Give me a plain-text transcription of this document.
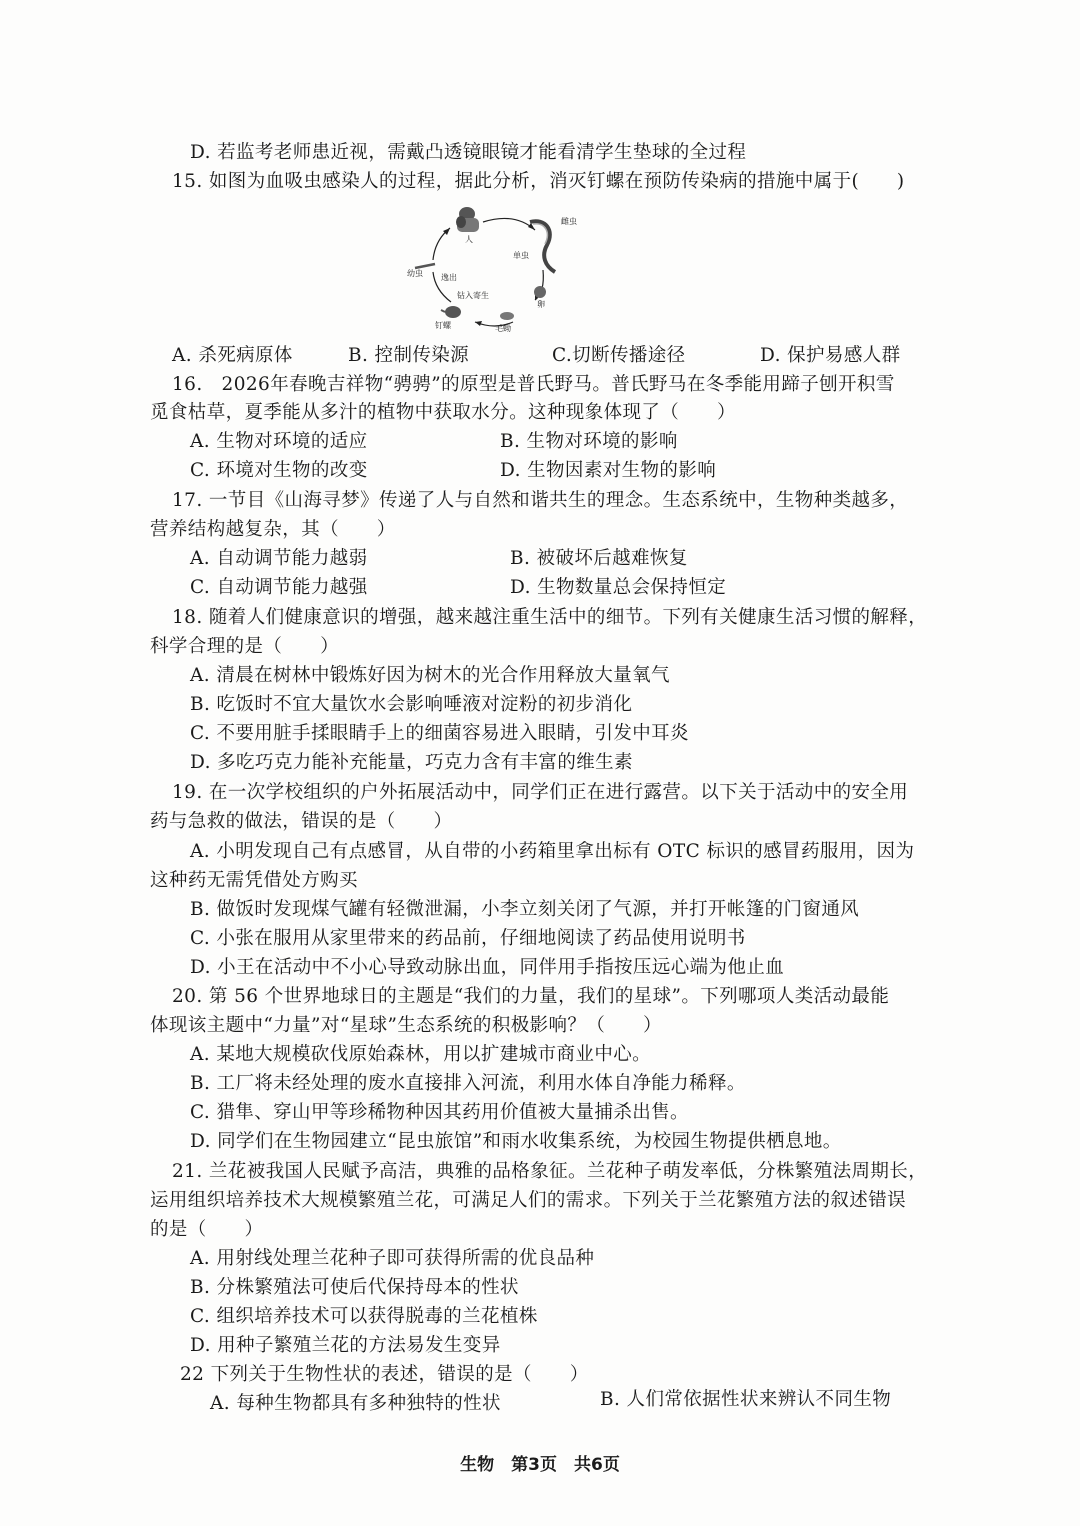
D. 若监考老师患近视，需戴凸透镜眼镜才能看清学生垫球的全过程
15. 如图为血吸虫感染人的过程，据此分析，消灭钉螺在预防传染病的措施中属于(　　)
人
雌虫
单虫
卵
毛蚴
钻入寄生
钉螺
逸出
幼虫
A. 杀死病原体	B. 控制传染源	C.切断传播途径	D. 保护易感人群
16.　2026年春晚吉祥物“骋骋”的原型是普氏野马。普氏野马在冬季能用蹄子刨开积雪
觅食枯草，夏季能从多汁的植物中获取水分。这种现象体现了（　　）
A. 生物对环境的适应	B. 生物对环境的影响
C. 环境对生物的改变	D. 生物因素对生物的影响
17. 一节目《山海寻梦》传递了人与自然和谐共生的理念。生态系统中，生物种类越多，
营养结构越复杂，其（　　）
A. 自动调节能力越弱	B. 被破坏后越难恢复
C. 自动调节能力越强	D. 生物数量总会保持恒定
18. 随着人们健康意识的增强，越来越注重生活中的细节。下列有关健康生活习惯的解释，
科学合理的是（　　）
A. 清晨在树林中锻炼好因为树木的光合作用释放大量氧气
B. 吃饭时不宜大量饮水会影响唾液对淀粉的初步消化
C. 不要用脏手揉眼睛手上的细菌容易进入眼睛，引发中耳炎
D. 多吃巧克力能补充能量，巧克力含有丰富的维生素
19. 在一次学校组织的户外拓展活动中，同学们正在进行露营。以下关于活动中的安全用
药与急救的做法，错误的是（　　）
A. 小明发现自己有点感冒，从自带的小药箱里拿出标有 OTC 标识的感冒药服用，因为
这种药无需凭借处方购买
B. 做饭时发现煤气罐有轻微泄漏，小李立刻关闭了气源，并打开帐篷的门窗通风
C. 小张在服用从家里带来的药品前，仔细地阅读了药品使用说明书
D. 小王在活动中不小心导致动脉出血，同伴用手指按压远心端为他止血
20. 第 56 个世界地球日的主题是“我们的力量，我们的星球”。下列哪项人类活动最能
体现该主题中“力量”对“星球”生态系统的积极影响？（　　）
A. 某地大规模砍伐原始森林，用以扩建城市商业中心。
B. 工厂将未经处理的废水直接排入河流，利用水体自净能力稀释。
C. 猎隼、穿山甲等珍稀物种因其药用价值被大量捕杀出售。
D. 同学们在生物园建立“昆虫旅馆”和雨水收集系统，为校园生物提供栖息地。
21. 兰花被我国人民赋予高洁，典雅的品格象征。兰花种子萌发率低，分株繁殖法周期长，
运用组织培养技术大规模繁殖兰花，可满足人们的需求。下列关于兰花繁殖方法的叙述错误
的是（　　）
A. 用射线处理兰花种子即可获得所需的优良品种
B. 分株繁殖法可使后代保持母本的性状
C. 组织培养技术可以获得脱毒的兰花植株
D. 用种子繁殖兰花的方法易发生变异
22 下列关于生物性状的表述，错误的是（　　）
A. 每种生物都具有多种独特的性状	B. 人们常依据性状来辨认不同生物
生物　第3页　共6页
